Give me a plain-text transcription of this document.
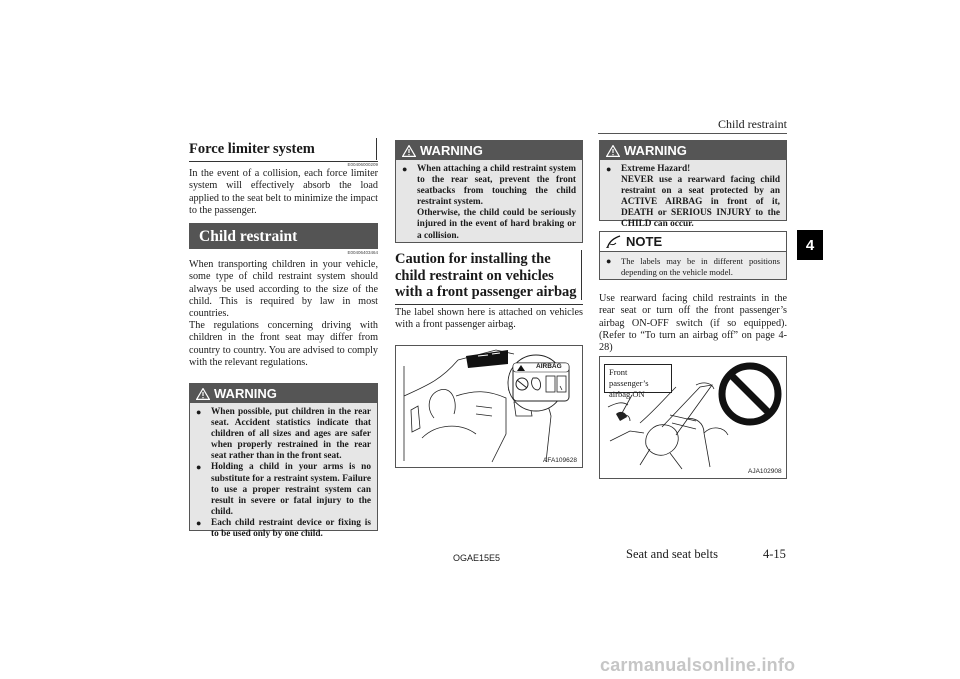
Child restraint
4
Force limiter system
E00406000209
In the event of a collision, each force limiter system will effectively absorb the load applied to the seat belt to minimize the impact to the passenger.
Child restraint
E00406403464
When transporting children in your vehicle, some type of child restraint system should always be used according to the size of the child. This is required by law in most countries.
The regulations concerning driving with children in the front seat may differ from country to country. You are advised to comply with the relevant regulations.
WARNING
●	When possible, put children in the rear seat. Accident statistics indicate that children of all sizes and ages are safer when properly restrained in the rear seat rather than in the front seat.
●	Holding a child in your arms is no substitute for a restraint system. Failure to use a proper restraint system can result in severe or fatal injury to the child.
●	Each child restraint device or fixing is to be used only by one child.
WARNING
●	When attaching a child restraint system to the rear seat, prevent the front seatbacks from touching the child restraint system.
Otherwise, the child could be seriously injured in the event of hard braking or a collision.
Caution for installing the child restraint on vehicles with a front passenger airbag
The label shown here is attached on vehicles with a front passenger airbag.
AIRBAG
AFA109628
WARNING
●	Extreme Hazard!
NEVER use a rearward facing child restraint on a seat protected by an ACTIVE AIRBAG in front of it, DEATH or SERIOUS INJURY to the CHILD can occur.
NOTE
●	The labels may be in different positions depending on the vehicle model.
Use rearward facing child restraints in the rear seat or turn off the front passenger’s airbag ON-OFF switch (if so equipped). (Refer to “To turn an airbag off” on page 4-28)
Front passenger’s
airbag ON
AJA102908
OGAE15E5	Seat and seat belts	4-15
carmanualsonline.info
